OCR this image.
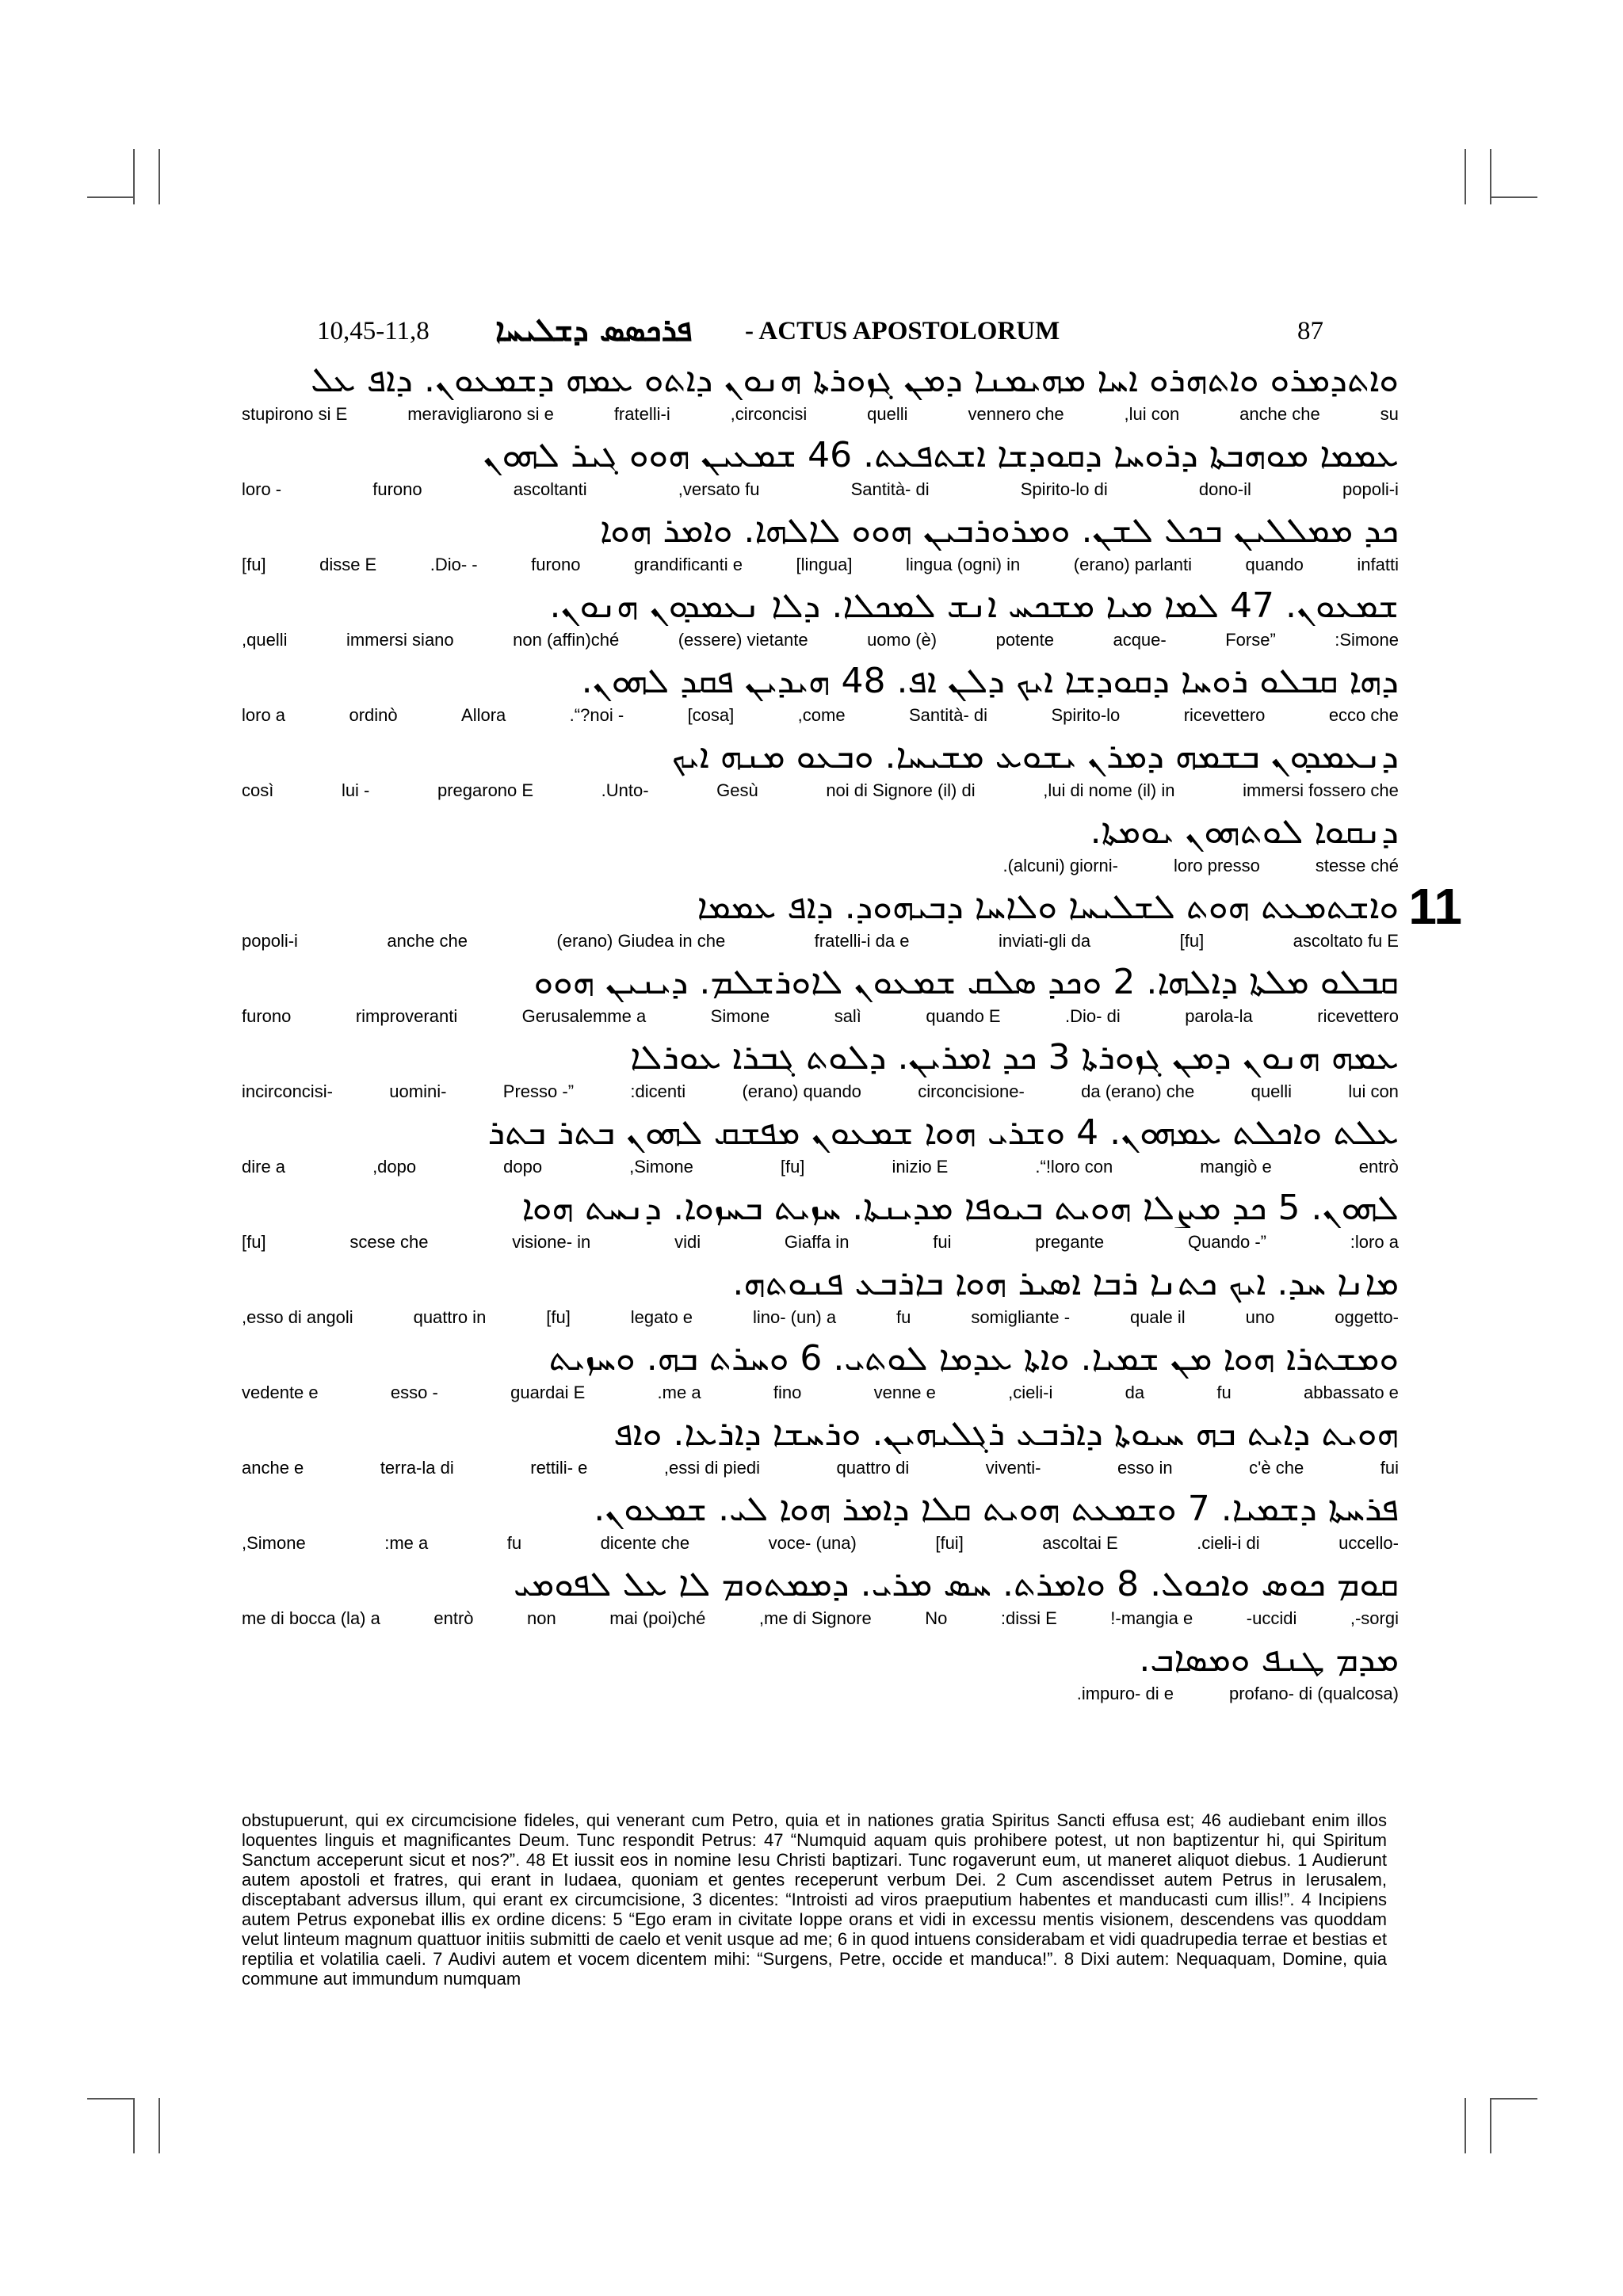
10,45-11,8 ܦܪܟܣܣ ܕܫܠܝܚܐ - ACTUS APOSTOLORUM	87
ܘܐܬܕܡܪܘ ܘܐܬܗܪܘ ܐܚܐ ܡܗܝܡܢܐ ܕܡܢ ܓܙܘܪܬܐ ܗܢܘܢ ܕܐܬܘ ܥܡܗ ܕܫܡܥܘܢ. ܕܐܦ ܥܠ
stupirono si E	meravigliarono si e	fratelli-i	,circoncisi	quelli	vennero che	,lui con	anche che	su
ܥܡܡܐ ܡܘܗܒܬܐ ܕܪܘܚܐ ܕܩܘܕܫܐ ܐܫܬܦܥܬ. 46 ܫܡܥܝܢ ܗܘܘ ܓܝܪ ܠܗܘܢ
loro -	furono	ascoltanti	,versato fu	Santità- di	Spirito-lo di	dono-il	popoli-i
ܟܕ ܡܡܠܠܝܢ ܒܟܠ ܠܫܢ. ܘܡܪܘܪܒܝܢ ܗܘܘ ܠܐܠܗܐ. ܘܐܡܪ ܗܘܐ
[fu]	disse E	.Dio- -	furono	grandificanti e	[lingua]	lingua (ogni) in	(erano) parlanti	quando	infatti
ܫܡܥܘܢ. 47 ܠܡܐ ܡܝܐ ܡܫܟܚ ܐܢܫ ܠܡܟܠܐ. ܕܠܐ ܢܥܡܕܘܢ ܗܢܘܢ.
,quelli	immersi siano	non (affin)ché	(essere) vietante	uomo (è)	potente	acque-	Forse”	:Simone
ܕܗܐ ܩܒܠܘ ܪܘܚܐ ܕܩܘܕܫܐ ܐܝܟ ܕܠܢ ܐܦ. 48 ܗܝܕܝܢ ܦܩܕ ܠܗܘܢ.
loro a	ordinò	Allora	.“?noi -	[cosa]	,come	Santità- di	Spirito-lo	ricevettero	ecco che
ܕܢܥܡܕܘܢ ܒܫܡܗ ܕܡܪܢ ܝܫܘܥ ܡܫܝܚܐ. ܘܒܥܘ ܡܢܗ ܐܝܟ
così	lui -	pregarono E	.Unto-	Gesù	noi di Signore (il) di	,lui di nome (il) in	immersi fossero che
ܕܢܩܘܐ ܠܘܬܗܘܢ ܝܘܡܬܐ.
.(alcuni) giorni-	loro presso	stesse ché
11
ܘܐܫܬܡܥܬ ܗܘܬ ܠܫܠܝܚܐ ܘܠܐܚܐ ܕܒܝܗܘܕ. ܕܐܦ ܥܡܡܐ
popoli-i	anche che	(erano) Giudea in che	fratelli-i da e	inviati-gli da	[fu]	ascoltato fu E
ܩܒܠܘ ܡܠܬܐ ܕܐܠܗܐ. 2 ܘܟܕ ܣܠܩ ܫܡܥܘܢ ܠܐܘܪܫܠܡ. ܕܝܢܝܢ ܗܘܘ
furono	rimproveranti	Gerusalemme a	Simone	salì	quando E	.Dio- di	parola-la	ricevettero
ܥܡܗ ܗܢܘܢ ܕܡܢ ܓܙܘܪܬܐ 3 ܟܕ ܐܡܪܝܢ. ܕܠܘܬ ܓܒܪܐ ܥܘܪܠܐ
incirconcisi-	uomini-	Presso -”	:dicenti	(erano) quando	circoncisione-	da (erano) che	quelli	lui con
ܥܠܬ ܘܐܟܠܬ ܥܡܗܘܢ. 4 ܘܫܪܝ ܗܘܐ ܫܡܥܘܢ ܡܦܫܩ ܠܗܘܢ ܒܬܪ ܒܬܪ
dire a	,dopo	dopo	,Simone	[fu]	inizio E	.“!loro con	mangiò e	entrò
ܠܗܘܢ. 5 ܟܕ ܡܨܠܐ ܗܘܝܬ ܒܝܘܦܐ ܡܕܝܢܬܐ. ܚܙܝܬ ܒܚܙܘܐ. ܕܢܚܬ ܗܘܐ
[fu]	scese che	visione- in	vidi	Giaffa in	fui	pregante	Quando -”	:loro a
ܡܐܢܐ ܚܕ. ܐܝܟ ܟܬܢܐ ܪܒܐ ܐܣܝܪ ܗܘܐ ܒܐܪܒܥ ܦܢܘܬܗ.
,esso di angoli	quattro in	[fu]	legato e	lino- (un) a	fu	somigliante -	quale il	uno	oggetto-
ܘܡܫܬܪܐ ܗܘܐ ܡܢ ܫܡܝܐ. ܘܐܬܐ ܥܕܡܐ ܠܘܬܝ. 6 ܘܚܪܬ ܒܗ. ܘܚܙܝܬ
vedente e	esso -	guardai E	.me a	fino	venne e	,cieli-i	da	fu	abbassato e
ܗܘܝܬ ܕܐܝܬ ܒܗ ܚܝܘܬܐ ܕܐܪܒܥ ܪܓܠܝܗܝܢ. ܘܪܚܫܐ ܕܐܪܥܐ. ܘܐܦ
anche e	terra-la di	rettili- e	,essi di piedi	quattro di	viventi-	esso in	c'è che	fui
ܦܪܚܬܐ ܕܫܡܝܐ. 7 ܘܫܡܥܬ ܗܘܝܬ ܩܠܐ ܕܐܡܪ ܗܘܐ ܠܝ. ܫܡܥܘܢ.
,Simone	:me a	fu	dicente che	voce- (una)	[fui]	ascoltai E	.cieli-i di	uccello-
ܩܘܡ ܟܘܣ ܘܐܟܘܠ. 8 ܘܐܡܪܬ. ܚܣ ܡܪܝ. ܕܡܡܬܘܡ ܠܐ ܥܠ ܠܦܘܡܝ
me di bocca (la) a	entrò	non	mai (poi)ché	,me di Signore	No	:dissi E	!-mangia e	-uccidi	,-sorgi
ܡܕܡ ܛܢܦ ܘܡܣܐܒ.
.impuro- di e	profano- di (qualcosa)

obstupuerunt, qui ex circumcisione fideles, qui venerant cum Petro, quia et in nationes gratia Spiritus Sancti effusa est; 46 audiebant enim illos loquentes linguis et magnificantes Deum. Tunc respondit Petrus: 47 “Numquid aquam quis prohibere potest, ut non baptizentur hi, qui Spiritum Sanctum acceperunt sicut et nos?”. 48 Et iussit eos in nomine Iesu Christi baptizari. Tunc rogaverunt eum, ut maneret aliquot diebus. 1 Audierunt autem apostoli et fratres, qui erant in Iudaea, quoniam et gentes receperunt verbum Dei. 2 Cum ascendisset autem Petrus in Ierusalem, disceptabant adversus illum, qui erant ex circumcisione, 3 dicentes: “Introisti ad viros praeputium habentes et manducasti cum illis!”. 4 Incipiens autem Petrus exponebat illis ex ordine dicens: 5 “Ego eram in civitate Ioppe orans et vidi in excessu mentis visionem, descendens vas quoddam velut linteum magnum quattuor initiis submitti de caelo et venit usque ad me; 6 in quod intuens considerabam et vidi quadrupedia terrae et bestias et reptilia et volatilia caeli. 7 Audivi autem et vocem dicentem mihi: “Surgens, Petre, occide et manduca!”. 8 Dixi autem: Nequaquam, Domine, quia commune aut immundum numquam
